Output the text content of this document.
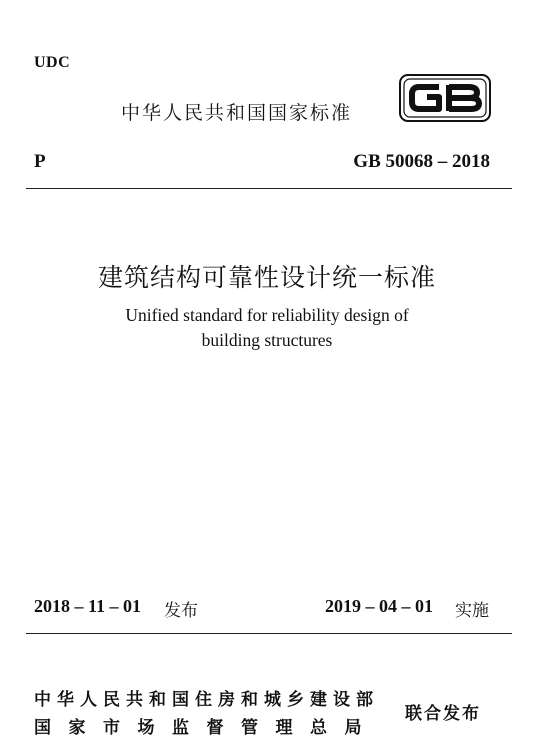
UDC
中华人民共和国国家标准
P	GB 50068 – 2018
建筑结构可靠性设计统一标准
Unified standard for reliability design of
building structures
2018 – 11 – 01 发布	2019 – 04 – 01 实施
中华人民共和国住房和城乡建设部
国家市场监督管理总局
联合发布
